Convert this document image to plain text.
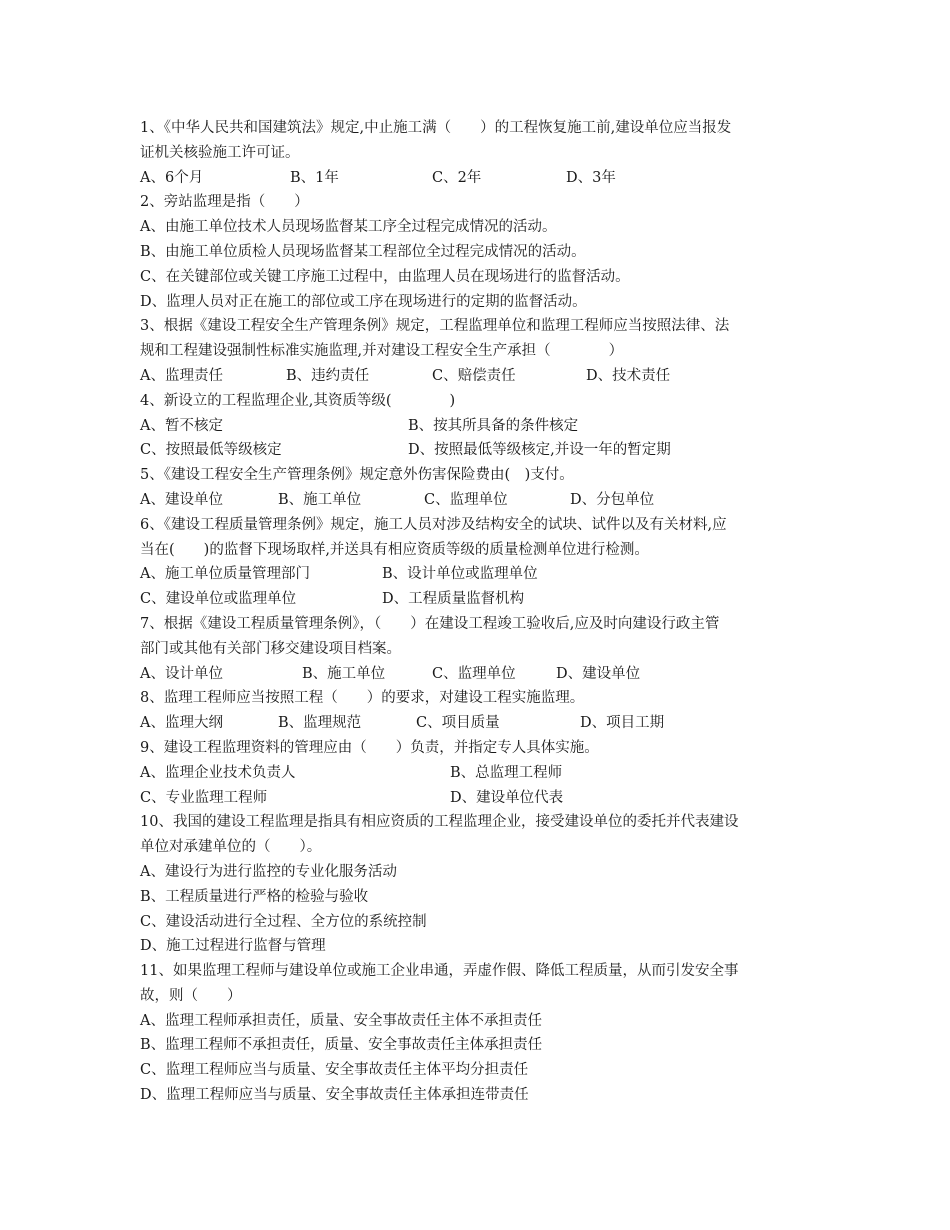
1、《中华人民共和国建筑法》规定,中止施工满（　　）的工程恢复施工前,建设单位应当报发
证机关核验施工许可证。
A、6个月	B、1年	C、2年	D、3年
2、旁站监理是指（　　）
A、由施工单位技术人员现场监督某工序全过程完成情况的活动。
B、由施工单位质检人员现场监督某工程部位全过程完成情况的活动。
C、在关键部位或关键工序施工过程中，由监理人员在现场进行的监督活动。
D、监理人员对正在施工的部位或工序在现场进行的定期的监督活动。
3、根据《建设工程安全生产管理条例》规定，工程监理单位和监理工程师应当按照法律、法
规和工程建设强制性标准实施监理,并对建设工程安全生产承担（　　　　）
A、监理责任	B、违约责任	C、赔偿责任	D、技术责任
4、新设立的工程监理企业,其资质等级(　　　　)
A、暂不核定	B、按其所具备的条件核定
C、按照最低等级核定	D、按照最低等级核定,并设一年的暂定期
5、《建设工程安全生产管理条例》规定意外伤害保险费由(　)支付。
A、建设单位	B、施工单位	C、监理单位	D、分包单位
6、《建设工程质量管理条例》规定，施工人员对涉及结构安全的试块、试件以及有关材料,应
当在(　　)的监督下现场取样,并送具有相应资质等级的质量检测单位进行检测。
A、施工单位质量管理部门	B、设计单位或监理单位
C、建设单位或监理单位	D、工程质量监督机构
7、根据《建设工程质量管理条例》，（　　）在建设工程竣工验收后,应及时向建设行政主管
部门或其他有关部门移交建设项目档案。
A、设计单位	B、施工单位	C、监理单位	D、建设单位
8、监理工程师应当按照工程（　　）的要求，对建设工程实施监理。
A、监理大纲	B、监理规范	C、项目质量	D、项目工期
9、建设工程监理资料的管理应由（　　）负责，并指定专人具体实施。
A、监理企业技术负责人	B、总监理工程师
C、专业监理工程师	D、建设单位代表
10、我国的建设工程监理是指具有相应资质的工程监理企业，接受建设单位的委托并代表建设
单位对承建单位的（　　）。
A、建设行为进行监控的专业化服务活动
B、工程质量进行严格的检验与验收
C、建设活动进行全过程、全方位的系统控制
D、施工过程进行监督与管理
11、如果监理工程师与建设单位或施工企业串通，弄虚作假、降低工程质量，从而引发安全事
故，则（　　）
A、监理工程师承担责任，质量、安全事故责任主体不承担责任
B、监理工程师不承担责任，质量、安全事故责任主体承担责任
C、监理工程师应当与质量、安全事故责任主体平均分担责任
D、监理工程师应当与质量、安全事故责任主体承担连带责任
